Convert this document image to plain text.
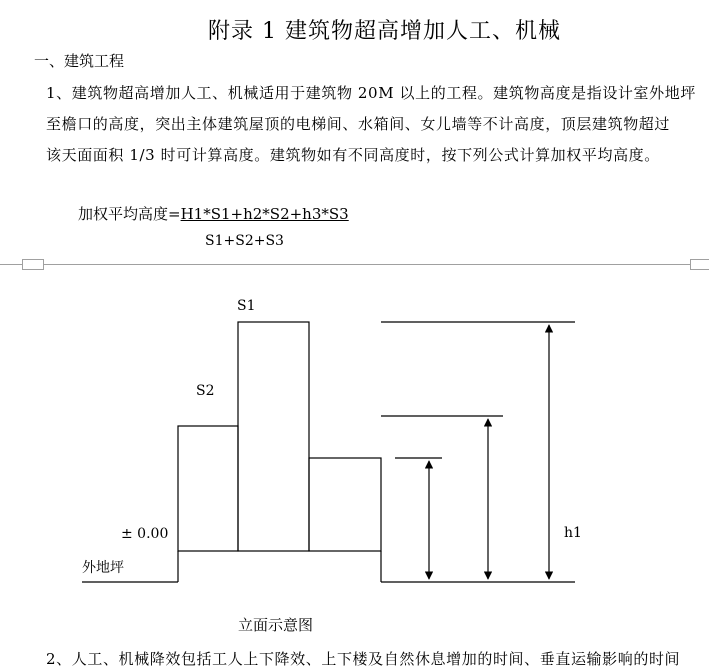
附录 1 建筑物超高增加人工、机械
一、建筑工程
1、建筑物超高增加人工、机械适用于建筑物 20M 以上的工程。建筑物高度是指设计室外地坪
至檐口的高度，突出主体建筑屋顶的电梯间、水箱间、女儿墙等不计高度，顶层建筑物超过
该天面面积 1/3 时可计算高度。建筑物如有不同高度时，按下列公式计算加权平均高度。
加权平均高度=H1*S1+h2*S2+h3*S3
S1+S2+S3
S1
S2
± 0.00
外地坪
h1
立面示意图
2、人工、机械降效包括工人上下降效、上下楼及自然休息增加的时间、垂直运输影响的时间
